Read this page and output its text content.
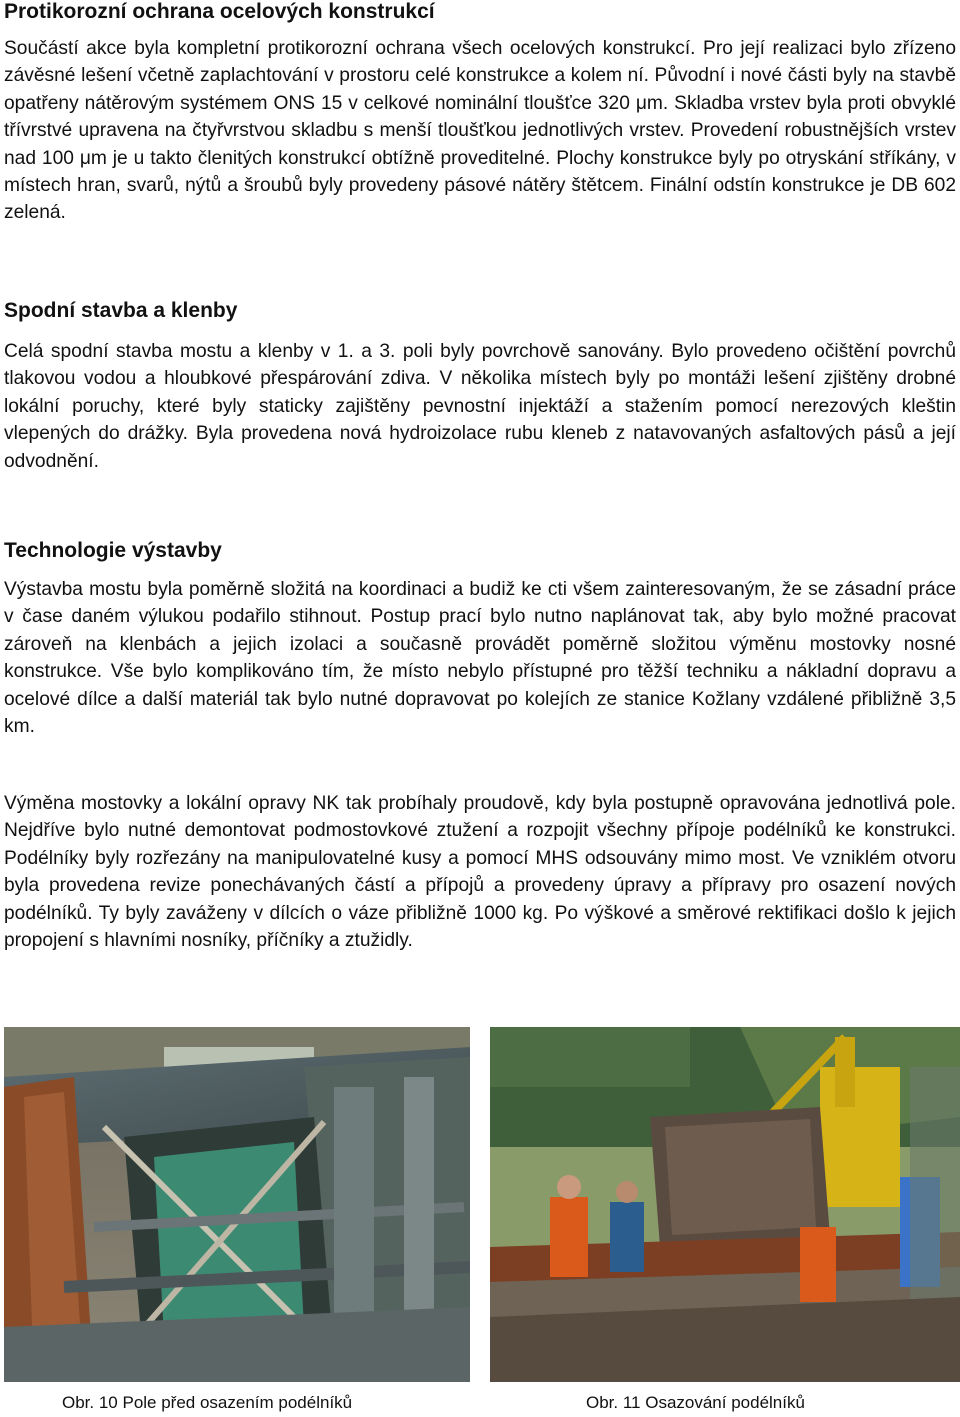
Protikorozní ochrana ocelových konstrukcí

Součástí akce byla kompletní protikorozní ochrana všech ocelových konstrukcí. Pro její realizaci bylo zřízeno závěsné lešení včetně zaplachtování v prostoru celé konstrukce a kolem ní. Původní i nové části byly na stavbě opatřeny nátěrovým systémem ONS 15 v celkové nominální tloušťce 320 μm. Skladba vrstev byla proti obvyklé třívrstvé upravena na čtyřvrstvou skladbu s menší tloušťkou jednotlivých vrstev. Provedení robustnějších vrstev nad 100 μm je u takto členitých konstrukcí obtížně proveditelné. Plochy konstrukce byly po otryskání stříkány, v místech hran, svarů, nýtů a šroubů byly provedeny pásové nátěry štětcem. Finální odstín konstrukce je DB 602 zelená.

Spodní stavba a klenby

Celá spodní stavba mostu a klenby v 1. a 3. poli byly povrchově sanovány. Bylo provedeno očištění povrchů tlakovou vodou a hloubkové přespárování zdiva. V několika místech byly po montáži lešení zjištěny drobné lokální poruchy, které byly staticky zajištěny pevnostní injektáží a stažením pomocí nerezových kleštin vlepených do drážky. Byla provedena nová hydroizolace rubu kleneb z natavovaných asfaltových pásů a její odvodnění.

Technologie výstavby

Výstavba mostu byla poměrně složitá na koordinaci a budiž ke cti všem zainteresovaným, že se zásadní práce v čase daném výlukou podařilo stihnout. Postup prací bylo nutno naplánovat tak, aby bylo možné pracovat zároveň na klenbách a jejich izolaci a současně provádět poměrně složitou výměnu mostovky nosné konstrukce. Vše bylo komplikováno tím, že místo nebylo přístupné pro těžší techniku a nákladní dopravu a ocelové dílce a další materiál tak bylo nutné dopravovat po kolejích ze stanice Kožlany vzdálené přibližně 3,5 km.

Výměna mostovky a lokální opravy NK tak probíhaly proudově, kdy byla postupně opravována jednotlivá pole. Nejdříve bylo nutné demontovat podmostovkové ztužení a rozpojit všechny přípoje podélníků ke konstrukci. Podélníky byly rozřezány na manipulovatelné kusy a pomocí MHS odsouvány mimo most. Ve vzniklém otvoru byla provedena revize ponechávaných částí a přípojů a provedeny úpravy a přípravy pro osazení nových podélníků. Ty byly zaváženy v dílcích o váze přibližně 1000 kg. Po výškové a směrové rektifikaci došlo k jejich propojení s hlavními nosníky, příčníky a ztužidly.

Obr. 10 Pole před osazením podélníků	Obr. 11 Osazování podélníků
